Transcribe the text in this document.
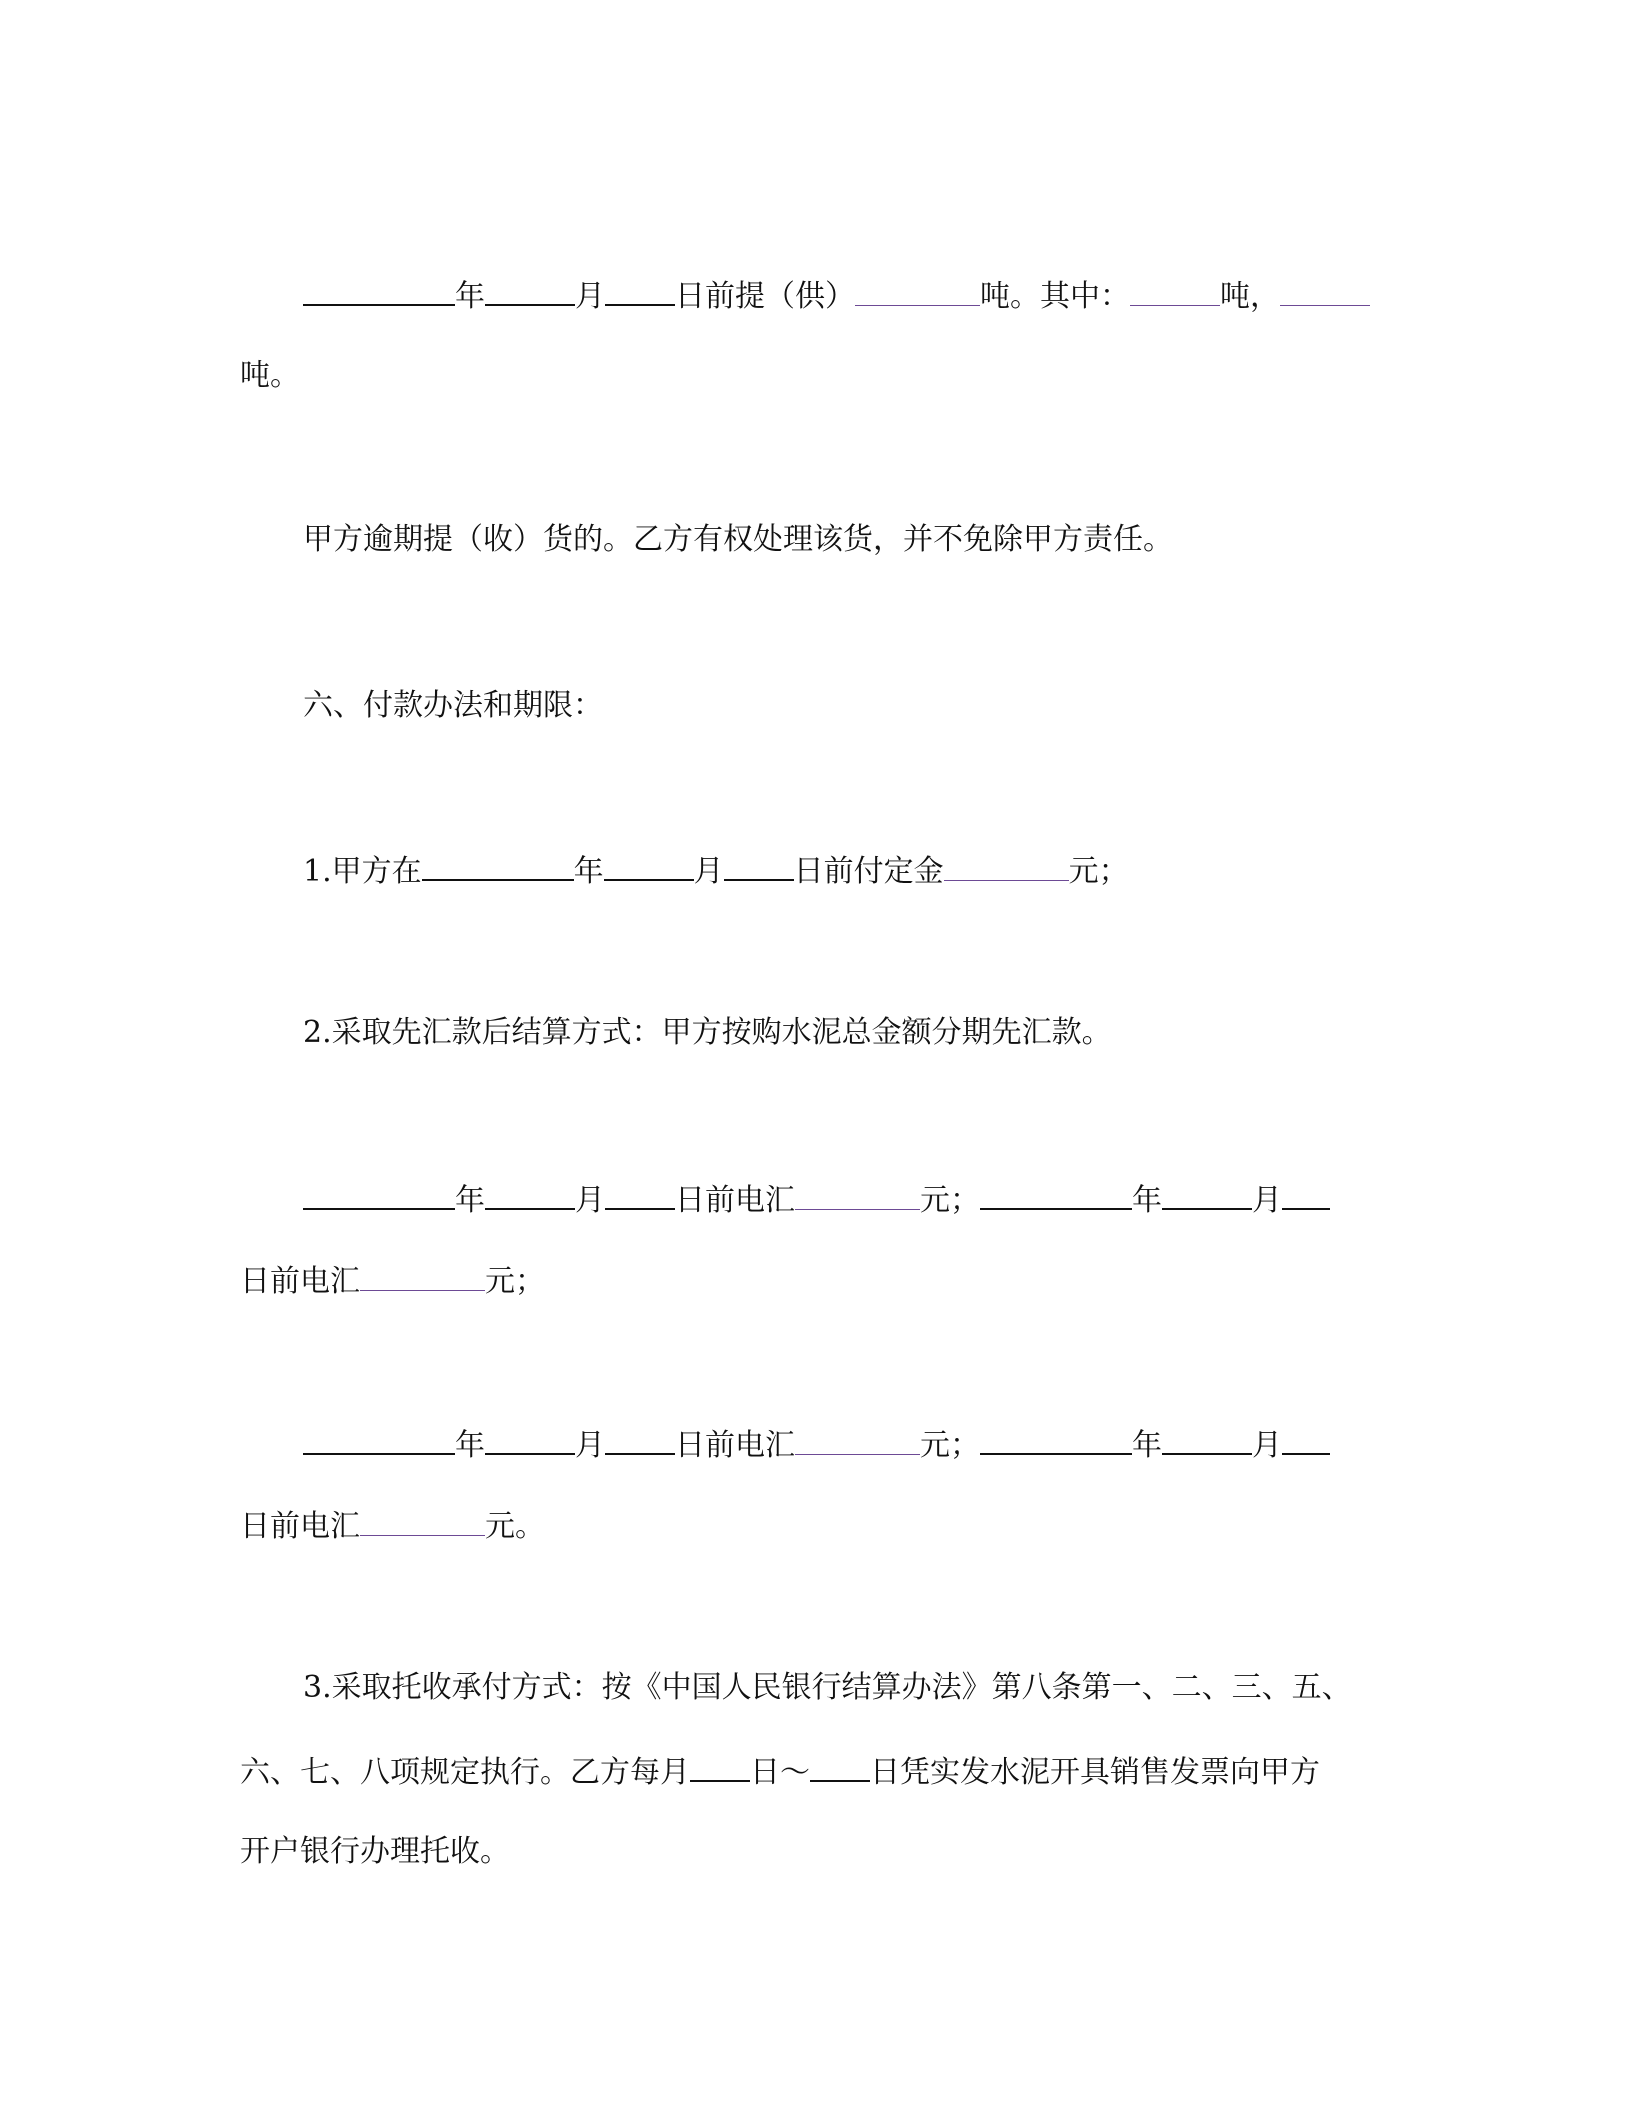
年	月 日前提（供）	吨。其中：	吨，
吨。
甲方逾期提（收）货的。乙方有权处理该货，并不免除甲方责任。
六、付款办法和期限：
1.甲方在	年	月 日前付定金	元；
2.采取先汇款后结算方式：甲方按购水泥总金额分期先汇款。
年	月 日前电汇	元；	年	月
日前电汇	元；
年	月 日前电汇	元；	年	月
日前电汇	元。
3.采取托收承付方式：按《中国人民银行结算办法》第八条第一、二、三、五、
六、七、八项规定执行。乙方每月 日～ 日凭实发水泥开具销售发票向甲方
开户银行办理托收。
